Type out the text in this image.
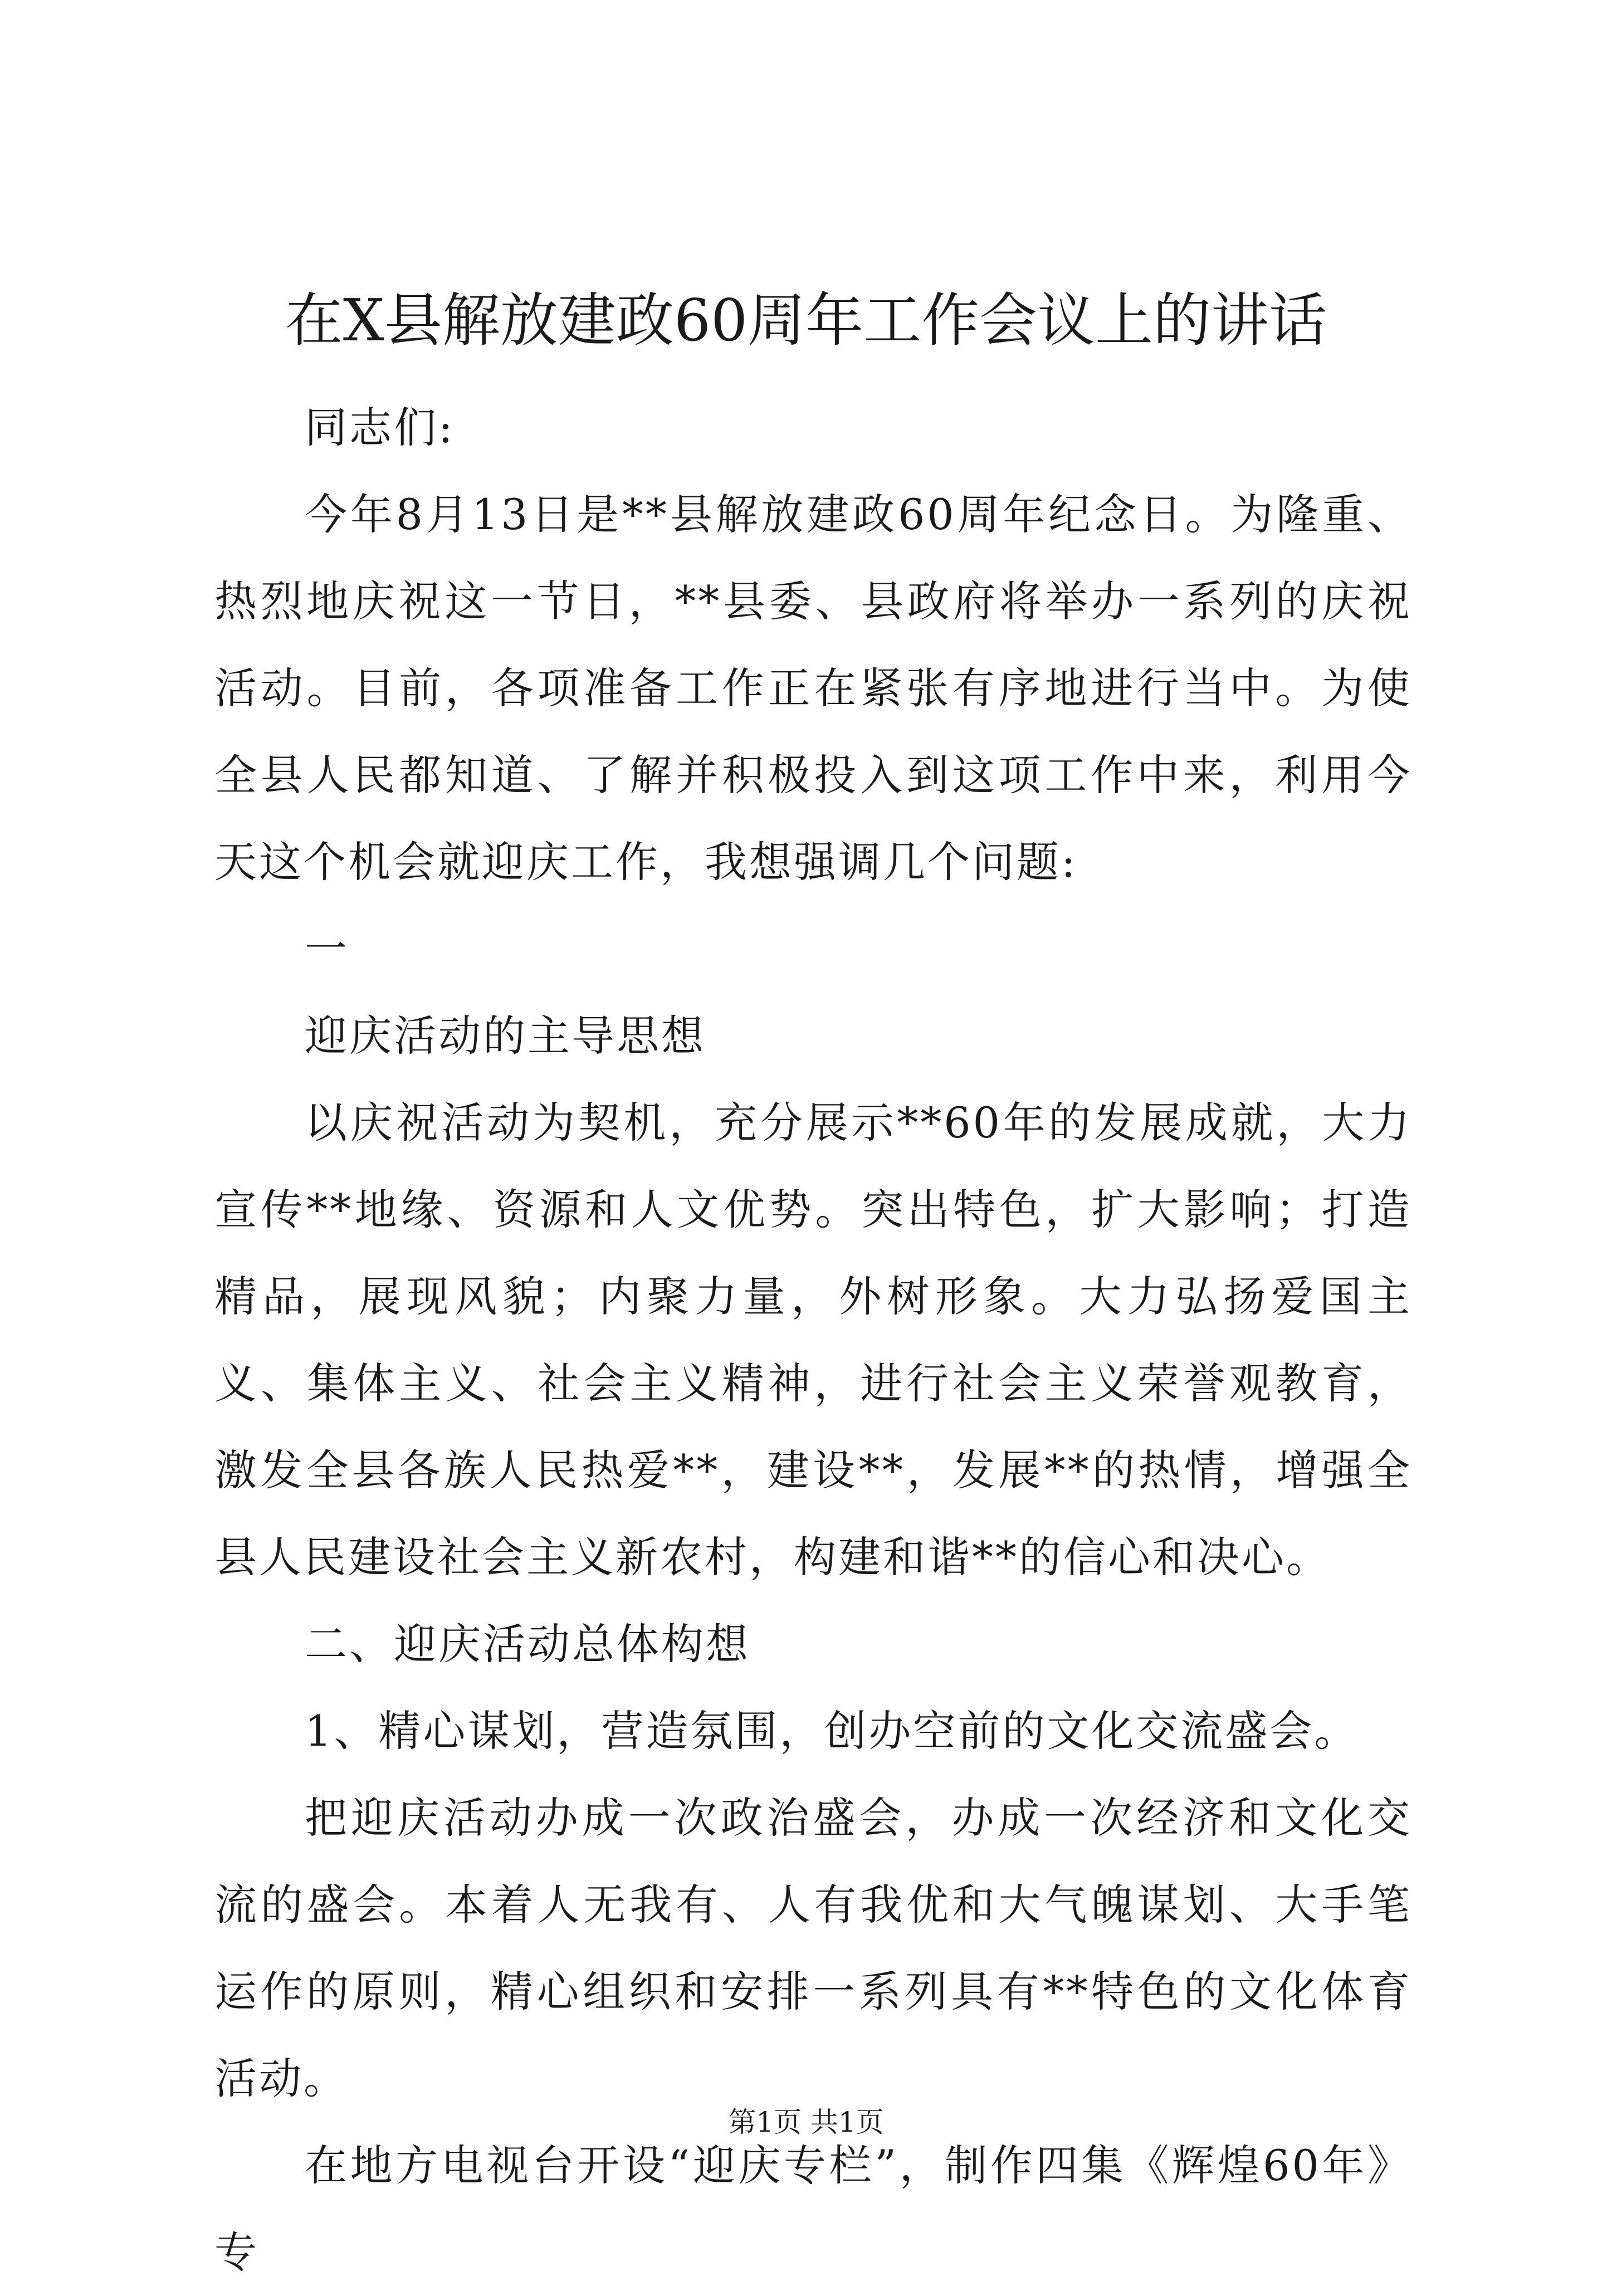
在X县解放建政60周年工作会议上的讲话

同志们:

今年8月13日是**县解放建政60周年纪念日。为隆重、热烈地庆祝这一节日，**县委、县政府将举办一系列的庆祝活动。目前，各项准备工作正在紧张有序地进行当中。为使全县人民都知道、了解并积极投入到这项工作中来，利用今天这个机会就迎庆工作，我想强调几个问题:

一

迎庆活动的主导思想

以庆祝活动为契机，充分展示**60年的发展成就，大力宣传**地缘、资源和人文优势。突出特色，扩大影响；打造精品，展现风貌；内聚力量，外树形象。大力弘扬爱国主义、集体主义、社会主义精神，进行社会主义荣誉观教育，激发全县各族人民热爱**，建设**，发展**的热情，增强全县人民建设社会主义新农村，构建和谐**的信心和决心。

二、迎庆活动总体构想

1、精心谋划，营造氛围，创办空前的文化交流盛会。

把迎庆活动办成一次政治盛会，办成一次经济和文化交流的盛会。本着人无我有、人有我优和大气魄谋划、大手笔运作的原则，精心组织和安排一系列具有**特色的文化体育活动。

在地方电视台开设“迎庆专栏”，制作四集《辉煌60年》专

第1页 共1页
